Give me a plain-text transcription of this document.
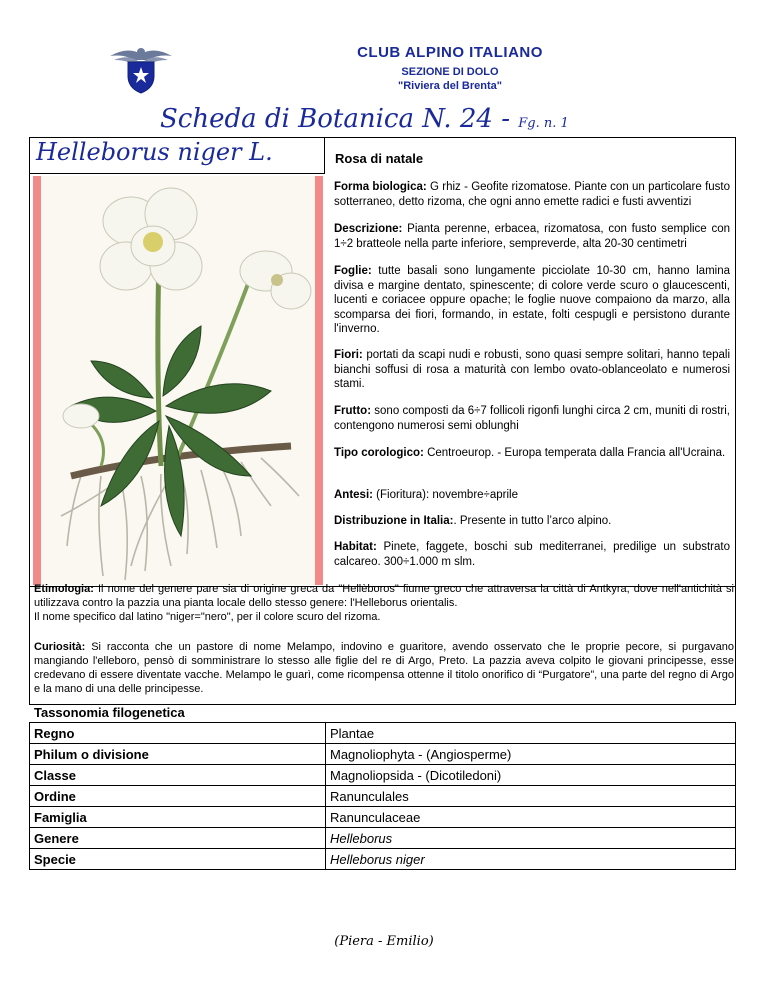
CLUB ALPINO ITALIANO
SEZIONE DI DOLO
"Riviera del Brenta"
Scheda di Botanica N. 24 - Fg. n. 1
Helleborus niger L.	Rosa di natale
Forma biologica: G rhiz - Geofite rizomatose. Piante con un particolare fusto sotterraneo, detto rizoma, che ogni anno emette radici e fusti avventizi
Descrizione: Pianta perenne, erbacea, rizomatosa, con fusto semplice con 1÷2 bratteole nella parte inferiore, sempreverde, alta 20-30 centimetri
Foglie: tutte basali sono lungamente picciolate 10-30 cm, hanno lamina divisa e margine dentato, spinescente; di colore verde scuro o glaucescenti, lucenti e coriacee oppure opache; le foglie nuove compaiono da marzo, alla scomparsa dei fiori, formando, in estate, folti cespugli e persistono durante l'inverno.
Fiori: portati da scapi nudi e robusti, sono quasi sempre solitari, hanno tepali bianchi soffusi di rosa a maturità con lembo ovato-oblanceolato e numerosi stami.
Frutto: sono composti da 6÷7 follicoli rigonfi lunghi circa 2 cm, muniti di rostri, contengono numerosi semi oblunghi
Tipo corologico: Centroeurop. - Europa temperata dalla Francia all'Ucraina.
Antesi: (Fioritura): novembre÷aprile
Distribuzione in Italia:. Presente in tutto l’arco alpino.
Habitat: Pinete, faggete, boschi sub mediterranei, predilige un substrato calcareo. 300÷1.000 m slm.
Etimologia: Il nome del genere pare sia di origine greca da "Hellèboros" fiume greco che attraversa la città di Antkyra, dove nell'antichità si utilizzava contro la pazzia una pianta locale dello stesso genere: l'Helleborus orientalis.
Il nome specifico dal latino "niger="nero", per il colore scuro del rizoma.
Curiosità: Si racconta che un pastore di nome Melampo, indovino e guaritore, avendo osservato che le proprie pecore, si purgavano mangiando l'elleboro, pensò di somministrare lo stesso alle figlie del re di Argo, Preto. La pazzia aveva colpito le giovani principesse, esse credevano di essere diventate vacche. Melampo le guarì, come ricompensa ottenne il titolo onorifico di “Purgatore”, una parte del regno di Argo e la mano di una delle principesse.
Tassonomia filogenetica
Regno	Plantae
Philum o divisione	Magnoliophyta - (Angiosperme)
Classe	Magnoliopsida - (Dicotiledoni)
Ordine	Ranunculales
Famiglia	Ranunculaceae
Genere	Helleborus
Specie	Helleborus niger
(Piera - Emilio)
